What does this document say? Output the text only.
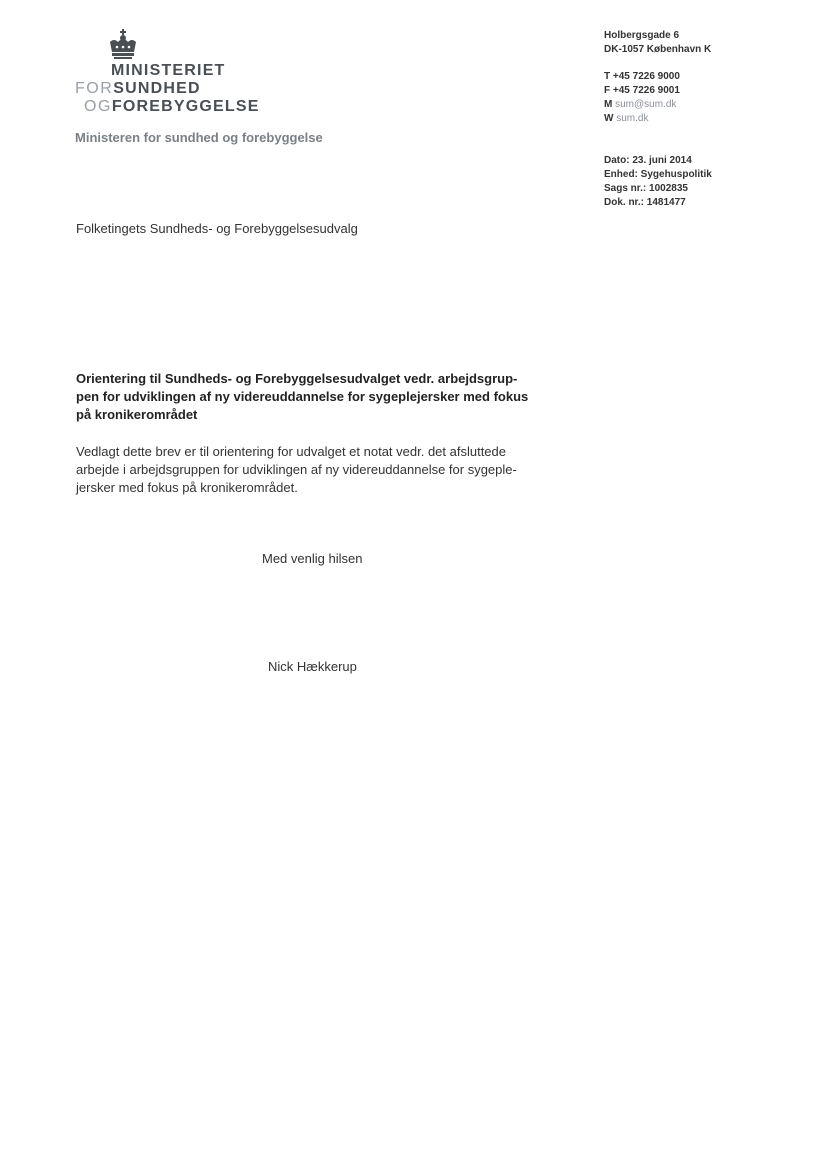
MINISTERIET
FORSUNDHED
OGFOREBYGGELSE
Ministeren for sundhed og forebyggelse
Holbergsgade 6
DK-1057 København K
T +45 7226 9000
F +45 7226 9001
M sum@sum.dk
W sum.dk
Dato: 23. juni 2014
Enhed: Sygehuspolitik
Sags nr.: 1002835
Dok. nr.: 1481477
Folketingets Sundheds- og Forebyggelsesudvalg
Orientering til Sundheds- og Forebyggelsesudvalget vedr. arbejdsgrup-
pen for udviklingen af ny videreuddannelse for sygeplejersker med fokus
på kronikerområdet
Vedlagt dette brev er til orientering for udvalget et notat vedr. det afsluttede
arbejde i arbejdsgruppen for udviklingen af ny videreuddannelse for sygeple-
jersker med fokus på kronikerområdet.
Med venlig hilsen
Nick Hækkerup
